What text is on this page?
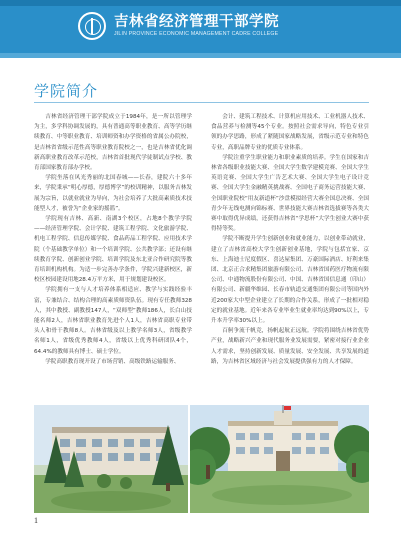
吉林省经济管理干部学院
JILIN PROVINCE ECONOMIC MANAGEMENT CADRE COLLEGE
学院简介

吉林省经济管理干部学院成立于1984年，是一所以管理学为主，多学科协调发展的，具有普通高等职业教育、高等学历继续教育、中等职业教育、培训师资和办学资格的省属公办院校，是吉林省省级示范性高等职业教育院校之一，也是吉林省优化调新高职业教育改革示范校，吉林省首批现代学徒制试点学校、教育部国家教育部办学校。

学院坐落在风光秀丽的北国春城——长春，建院六十多年来，学院秉承“明心厚德，厚德博学”的校训精神，以服务吉林发展为宗旨，以就业就业为导向，为社会培养了大批高素质技术技能型人才，被誉为“企业家的摇篮”。

学院现有吉林、高新、南湖3个校区，占地8个教学学院——经济管理学院、会计学院、建筑工程学院、文化旅游学院、机电工程学院、信息传媒学院、食品药品工程学院、应用技术学院（个基础教学单位）和一个培训学院、公共教学部；还设有继续教育学院、创新创业学院、培训学院及东北亚合作研究院等教育培训机构机构。为适一步完善办学条件，学院兴建新校区，新校区校园建设用地28.4万平方米，用于规划建设校区。

学院拥有一支与人才培养体系相适应、教学与实践经验丰富，专兼结合、结构合理的高素质师资队伍。现有专任教师328人，其中教授、副教授147人，“双师型”教师186人，长白山技能名师2人，吉林省职业教育先进个人1人，吉林省高职专业带头人和骨干教师8人。吉林省级及以上教学名师3人，省级教学名师1人，省级优秀教师4人，省级以上优秀科研团队4个，64.4%的教师具有博士、硕士学位。

学院高职教育现开设了市场营销、高级铁路运输服务、

会计、建筑工程技术、计算机应用技术、工业机器人技术、食品营养与检测等45个专业。按照社会需求导向，特色专业引领的办学思路，形成了紧随国家战略发展，省级示范专业和特色专业，高职品牌专业的优质专业体系。

学院注重学生职业能力和职业素质的培养。学生在国家和吉林省各级职业技能大赛、全国大学生数学建模竞赛、全国大学生英语竞赛、全国大学生广告艺术大赛、全国大学生电子设计竞赛、全国大学生金融精英挑战赛、全国电子商务运营技能大赛、全国职业院校“用友新道杯”沙盘模拟经营大赛全国总决赛、全国青少年无线电测向锦标赛、世界技能大赛吉林省选拔赛等各类大赛中取得优异成绩，还获得吉林省“学思杯”大学生创业大赛中获得特等奖。

学院不断提升学生创新创业和就业能力，以创业带动就业，建立了吉林省高校大学生创新创业基地，学院与包括宜家、京东、上海迪士尼度假区、喜达屋集团、万豪国际酒店、好利来集团、北京正合求精集团旅游有限公司、吉林省国药医疗物流有限公司、中通物流股份有限公司、中国、吉林省国信息通（印山）有限公司、新疆华维园、长春市轨道交通集团有限公司等国内外近200家大中型企业建立了长期的合作关系，形成了一批相对稳定的就业基地。近年来各专业毕业生就业率均达到90%以上，专升本升学率30%以上。

百舸争流千帆竞，扬帆起航正远航。学院将围绕吉林省优势产业，战略新兴产业和现代服务业发展需要，紧密对接行业企业人才需求，坚持创新发展、质量发展、安全发展、共享发展的道路，为吉林省区域经济与社会发展提供强有力的人才保障。

1
